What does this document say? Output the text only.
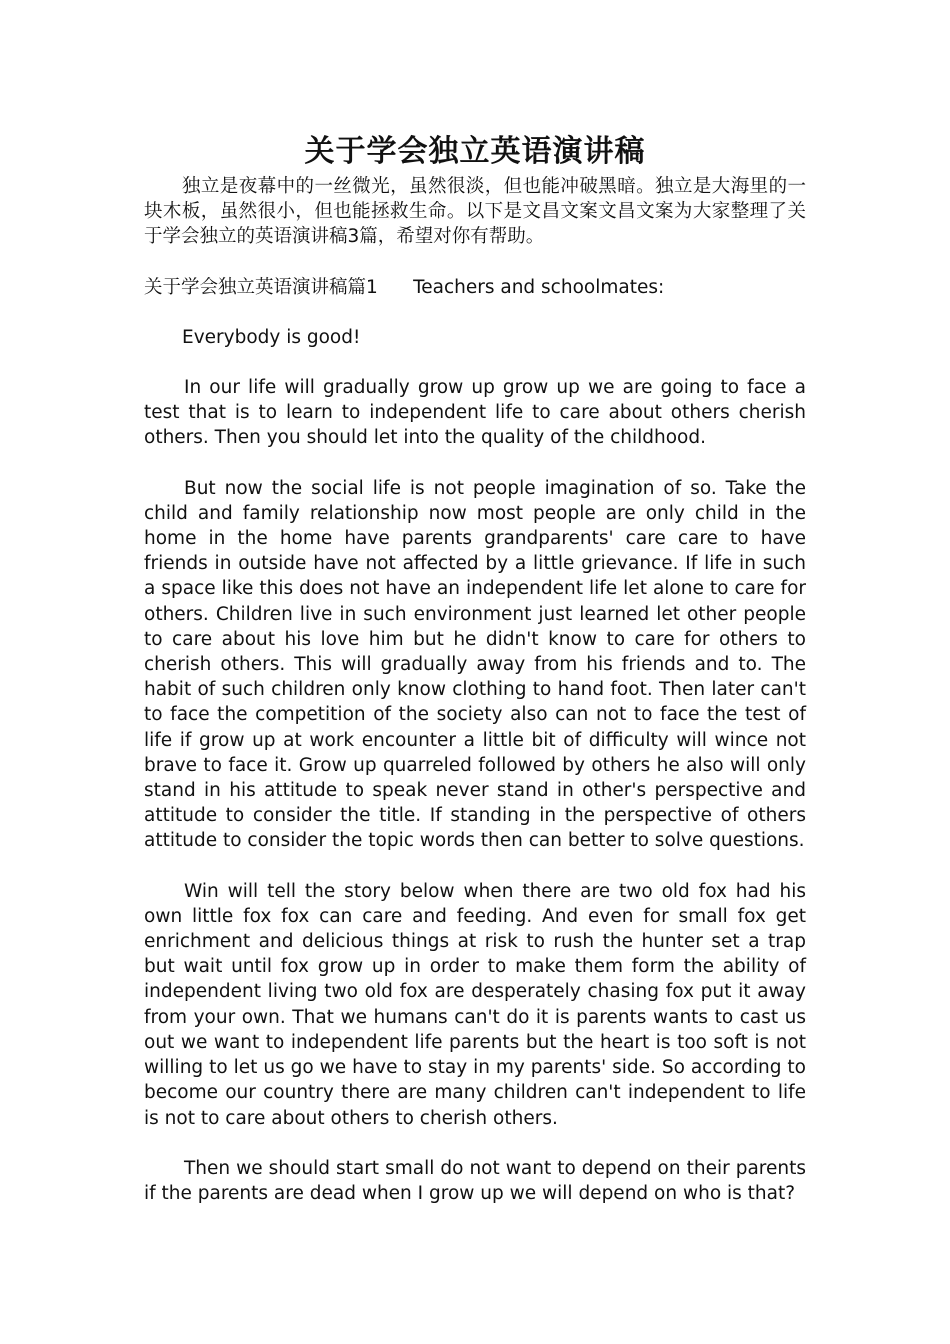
关于学会独立英语演讲稿

独立是夜幕中的一丝微光，虽然很淡，但也能冲破黑暗。独立是大海里的一块木板，虽然很小，但也能拯救生命。以下是文昌文案文昌文案为大家整理了关于学会独立的英语演讲稿3篇，希望对你有帮助。

关于学会独立英语演讲稿篇1 Teachers and schoolmates:

Everybody is good!

In our life will gradually grow up grow up we are going to face a test that is to learn to independent life to care about others cherish others. Then you should let into the quality of the childhood.

But now the social life is not people imagination of so. Take the child and family relationship now most people are only child in the home in the home have parents grandparents' care care to have friends in outside have not affected by a little grievance. If life in such a space like this does not have an independent life let alone to care for others. Children live in such environment just learned let other people to care about his love him but he didn't know to care for others to cherish others. This will gradually away from his friends and to. The habit of such children only know clothing to hand foot. Then later can't to face the competition of the society also can not to face the test of life if grow up at work encounter a little bit of difficulty will wince not brave to face it. Grow up quarreled followed by others he also will only stand in his attitude to speak never stand in other's perspective and attitude to consider the title. If standing in the perspective of others attitude to consider the topic words then can better to solve questions.

Win will tell the story below when there are two old fox had his own little fox fox can care and feeding. And even for small fox get enrichment and delicious things at risk to rush the hunter set a trap but wait until fox grow up in order to make them form the ability of independent living two old fox are desperately chasing fox put it away from your own. That we humans can't do it is parents wants to cast us out we want to independent life parents but the heart is too soft is not willing to let us go we have to stay in my parents' side. So according to become our country there are many children can't independent to life is not to care about others to cherish others.

Then we should start small do not want to depend on their parents if the parents are dead when I grow up we will depend on who is that?
